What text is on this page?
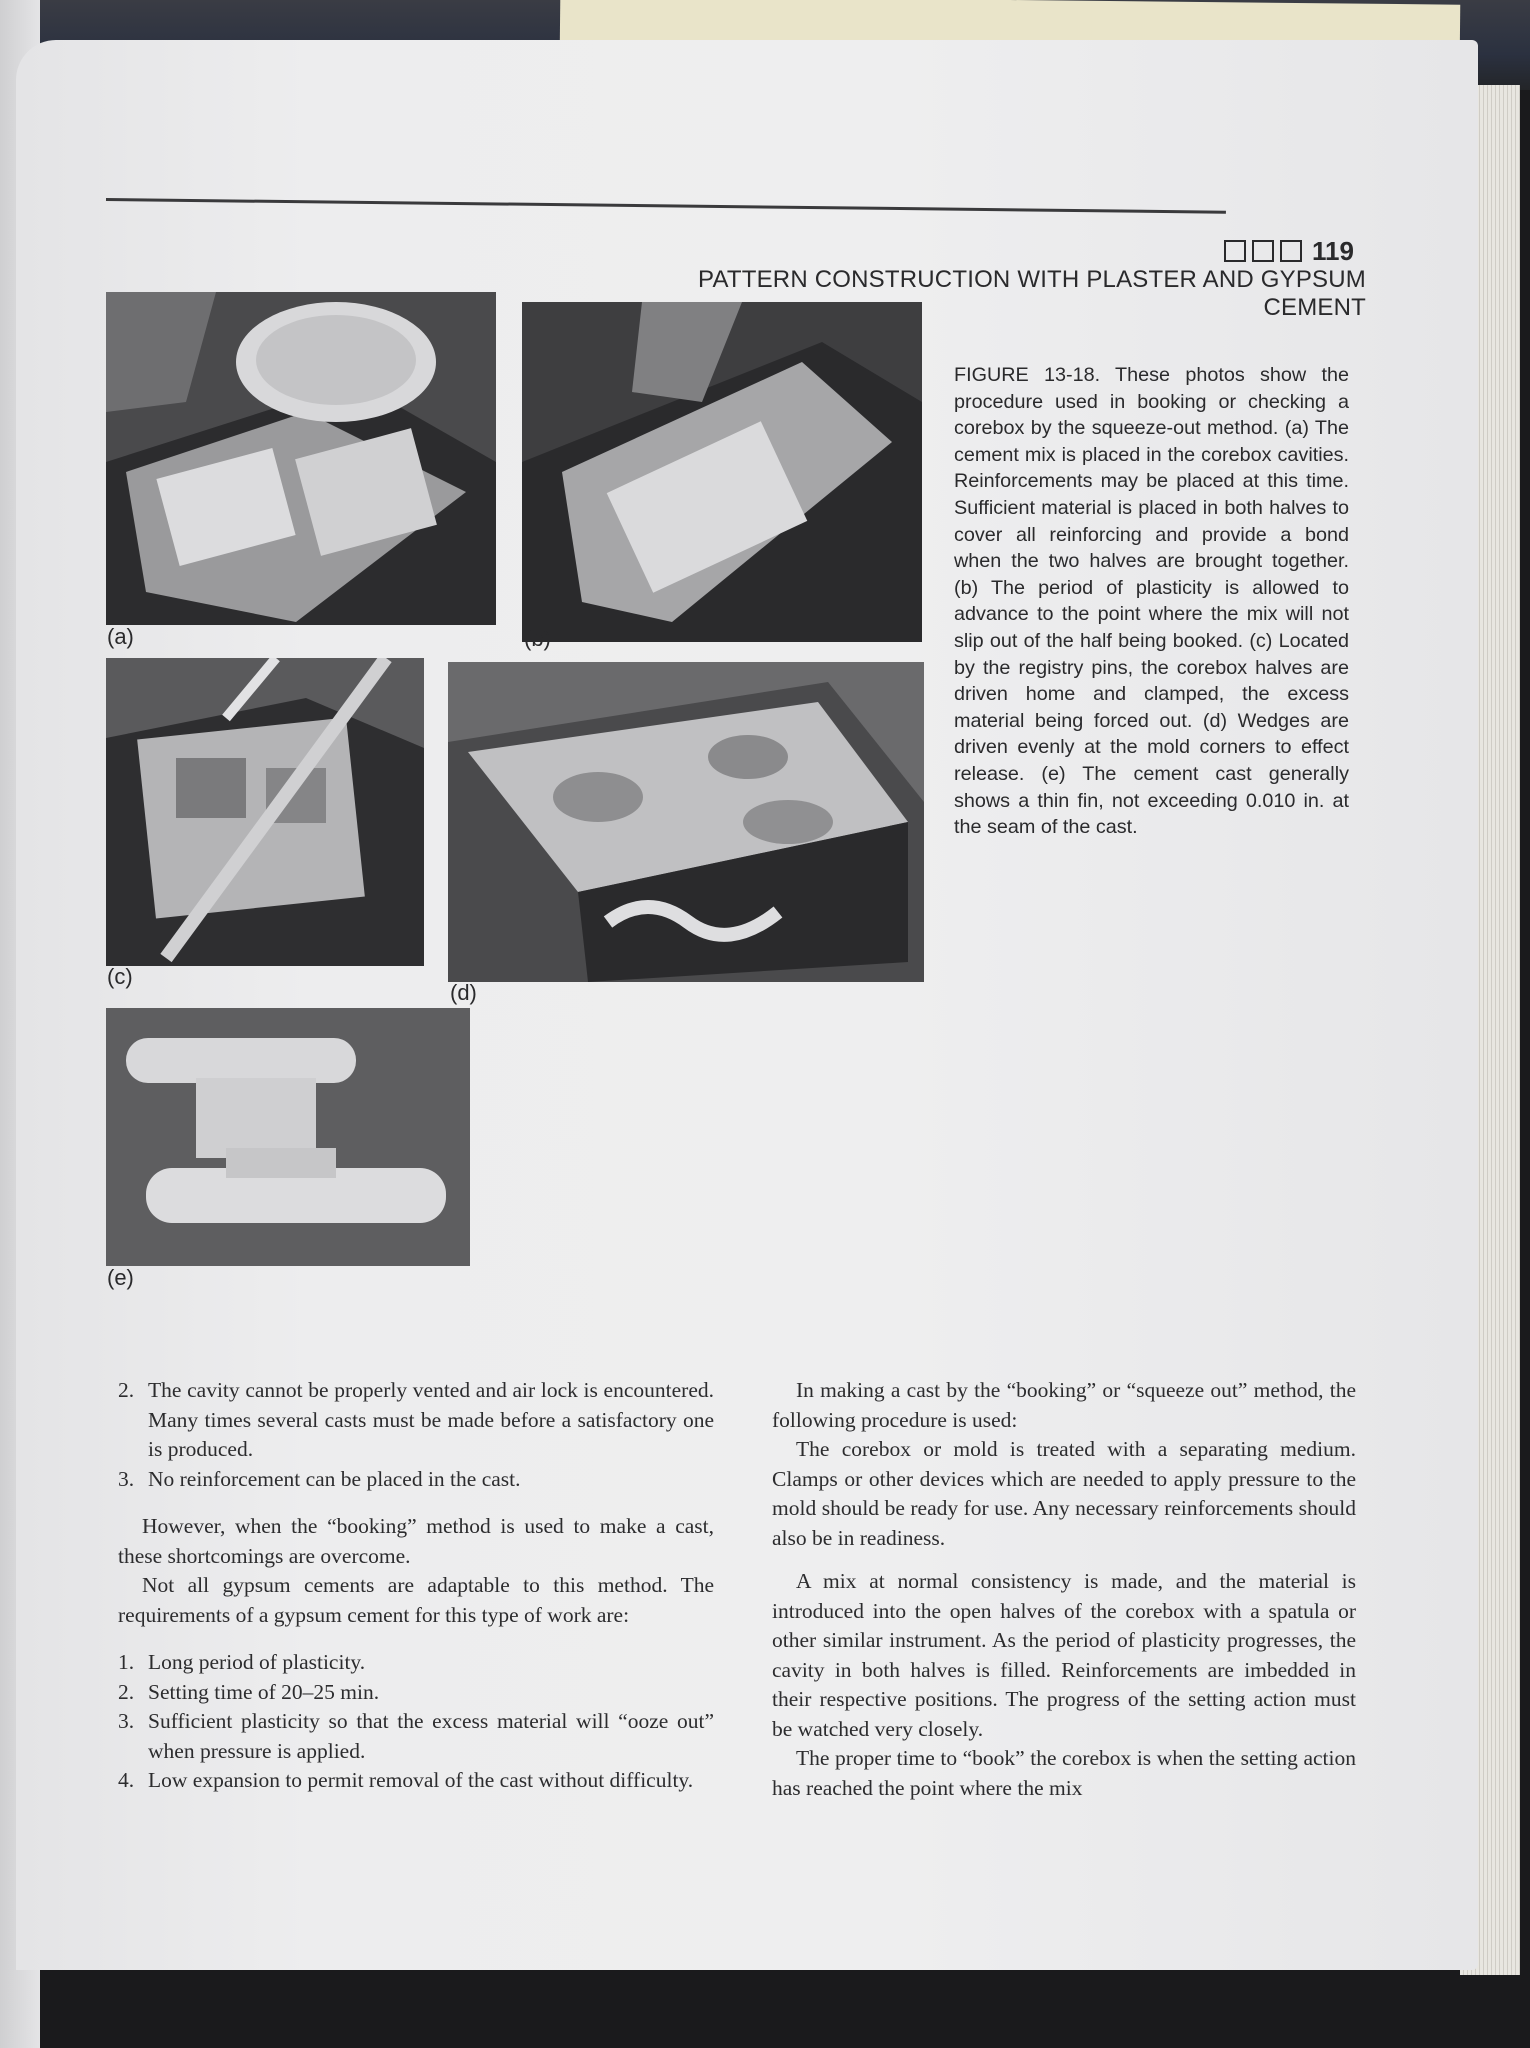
119
PATTERN CONSTRUCTION WITH PLASTER AND GYPSUM CEMENT
(a)	(b)
(c)
(d)
(e)
FIGURE 13-18. These photos show the procedure used in booking or checking a corebox by the squeeze-out method. (a) The cement mix is placed in the corebox cavities. Reinforcements may be placed at this time. Sufficient material is placed in both halves to cover all reinforcing and provide a bond when the two halves are brought together. (b) The period of plasticity is allowed to advance to the point where the mix will not slip out of the half being booked. (c) Located by the registry pins, the corebox halves are driven home and clamped, the excess material being forced out. (d) Wedges are driven evenly at the mold corners to effect release. (e) The cement cast generally shows a thin fin, not exceeding 0.010 in. at the seam of the cast.
2. The cavity cannot be properly vented and air lock is encountered. Many times several casts must be made before a satisfactory one is produced.
3. No reinforcement can be placed in the cast.

However, when the “booking” method is used to make a cast, these shortcomings are overcome.

Not all gypsum cements are adaptable to this method. The requirements of a gypsum cement for this type of work are:

1. Long period of plasticity.
2. Setting time of 20–25 min.
3. Sufficient plasticity so that the excess material will “ooze out” when pressure is applied.
4. Low expansion to permit removal of the cast without difficulty.

In making a cast by the “booking” or “squeeze out” method, the following procedure is used:

The corebox or mold is treated with a separating medium. Clamps or other devices which are needed to apply pressure to the mold should be ready for use. Any necessary reinforcements should also be in readiness.

A mix at normal consistency is made, and the material is introduced into the open halves of the corebox with a spatula or other similar instrument. As the period of plasticity progresses, the cavity in both halves is filled. Reinforcements are imbedded in their respective positions. The progress of the setting action must be watched very closely.

The proper time to “book” the corebox is when the setting action has reached the point where the mix
